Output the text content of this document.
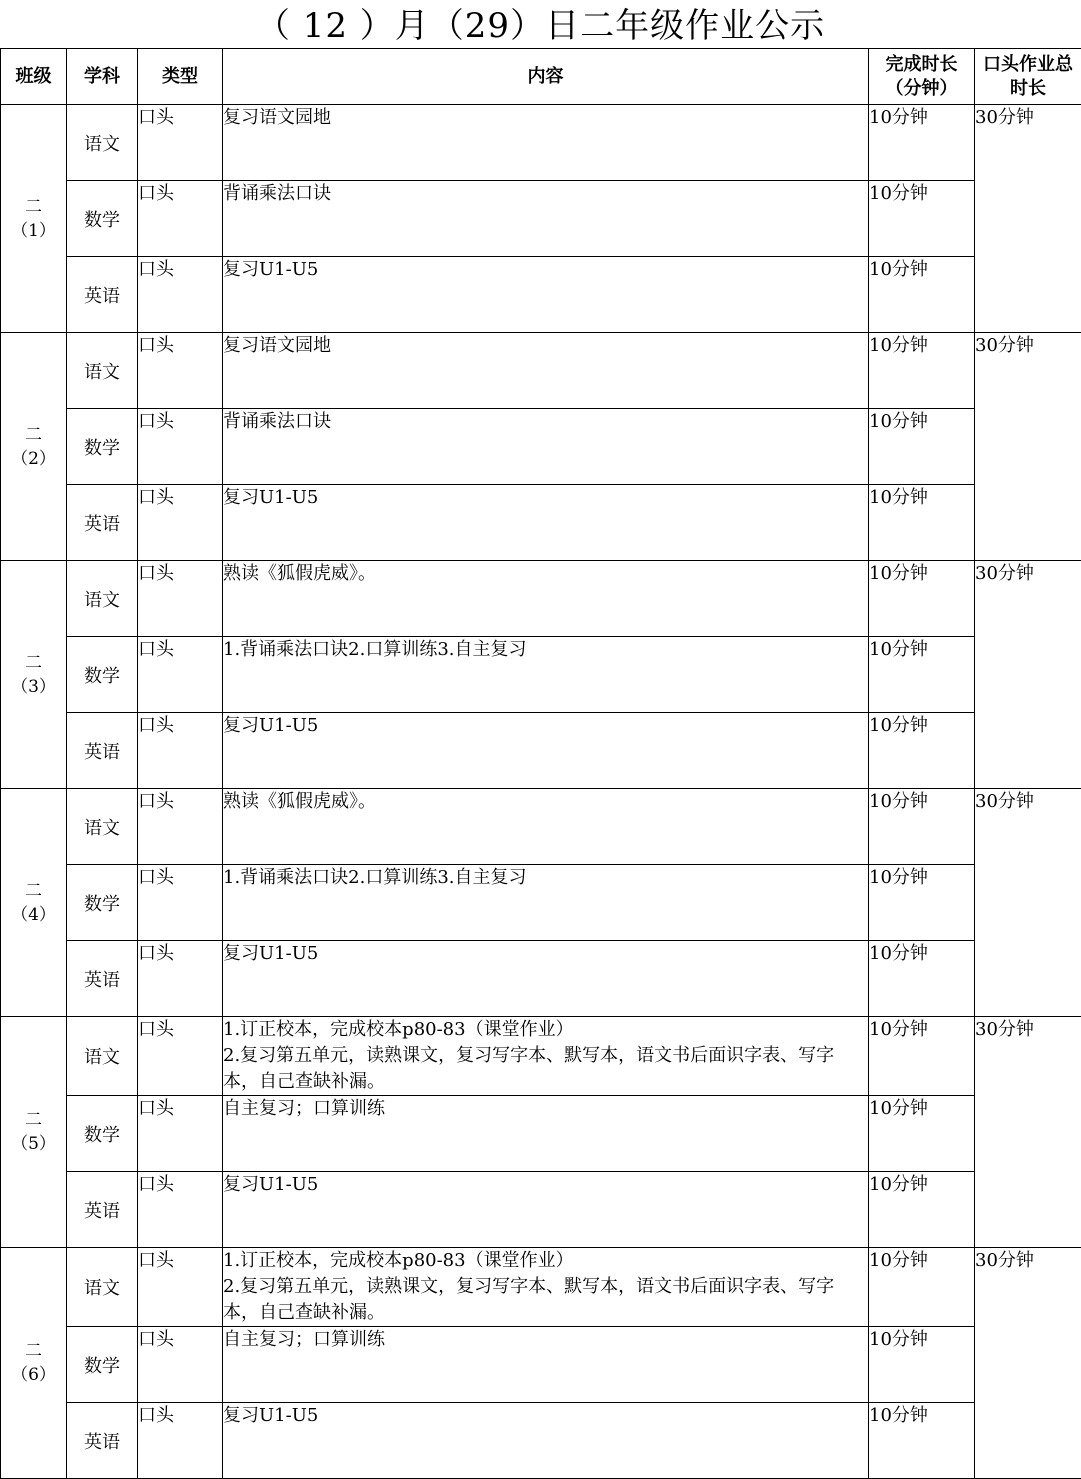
（ 12 ）月（29）日二年级作业公示
班级	学科	类型	内容	完成时长（分钟）	口头作业总时长

二
（1）	语文	口头	复习语文园地	10分钟	30分钟
	数学	口头	背诵乘法口诀	10分钟	
	英语	口头	复习U1-U5	10分钟	

二
（2）	语文	口头	复习语文园地	10分钟	30分钟
	数学	口头	背诵乘法口诀	10分钟	
	英语	口头	复习U1-U5	10分钟	

二
（3）	语文	口头	熟读《狐假虎威》。	10分钟	30分钟
	数学	口头	1.背诵乘法口诀2.口算训练3.自主复习	10分钟	
	英语	口头	复习U1-U5	10分钟	

二
（4）	语文	口头	熟读《狐假虎威》。	10分钟	30分钟
	数学	口头	1.背诵乘法口诀2.口算训练3.自主复习	10分钟	
	英语	口头	复习U1-U5	10分钟	

二
（5）	语文	口头	1.订正校本，完成校本p80-83（课堂作业）
2.复习第五单元，读熟课文，复习写字本、默写本，语文书后面识字表、写字本，自己查缺补漏。	10分钟	30分钟
	数学	口头	自主复习；口算训练	10分钟	
	英语	口头	复习U1-U5	10分钟	

二
（6）	语文	口头	1.订正校本，完成校本p80-83（课堂作业）
2.复习第五单元，读熟课文，复习写字本、默写本，语文书后面识字表、写字本，自己查缺补漏。	10分钟	30分钟
	数学	口头	自主复习；口算训练	10分钟	
	英语	口头	复习U1-U5	10分钟	
